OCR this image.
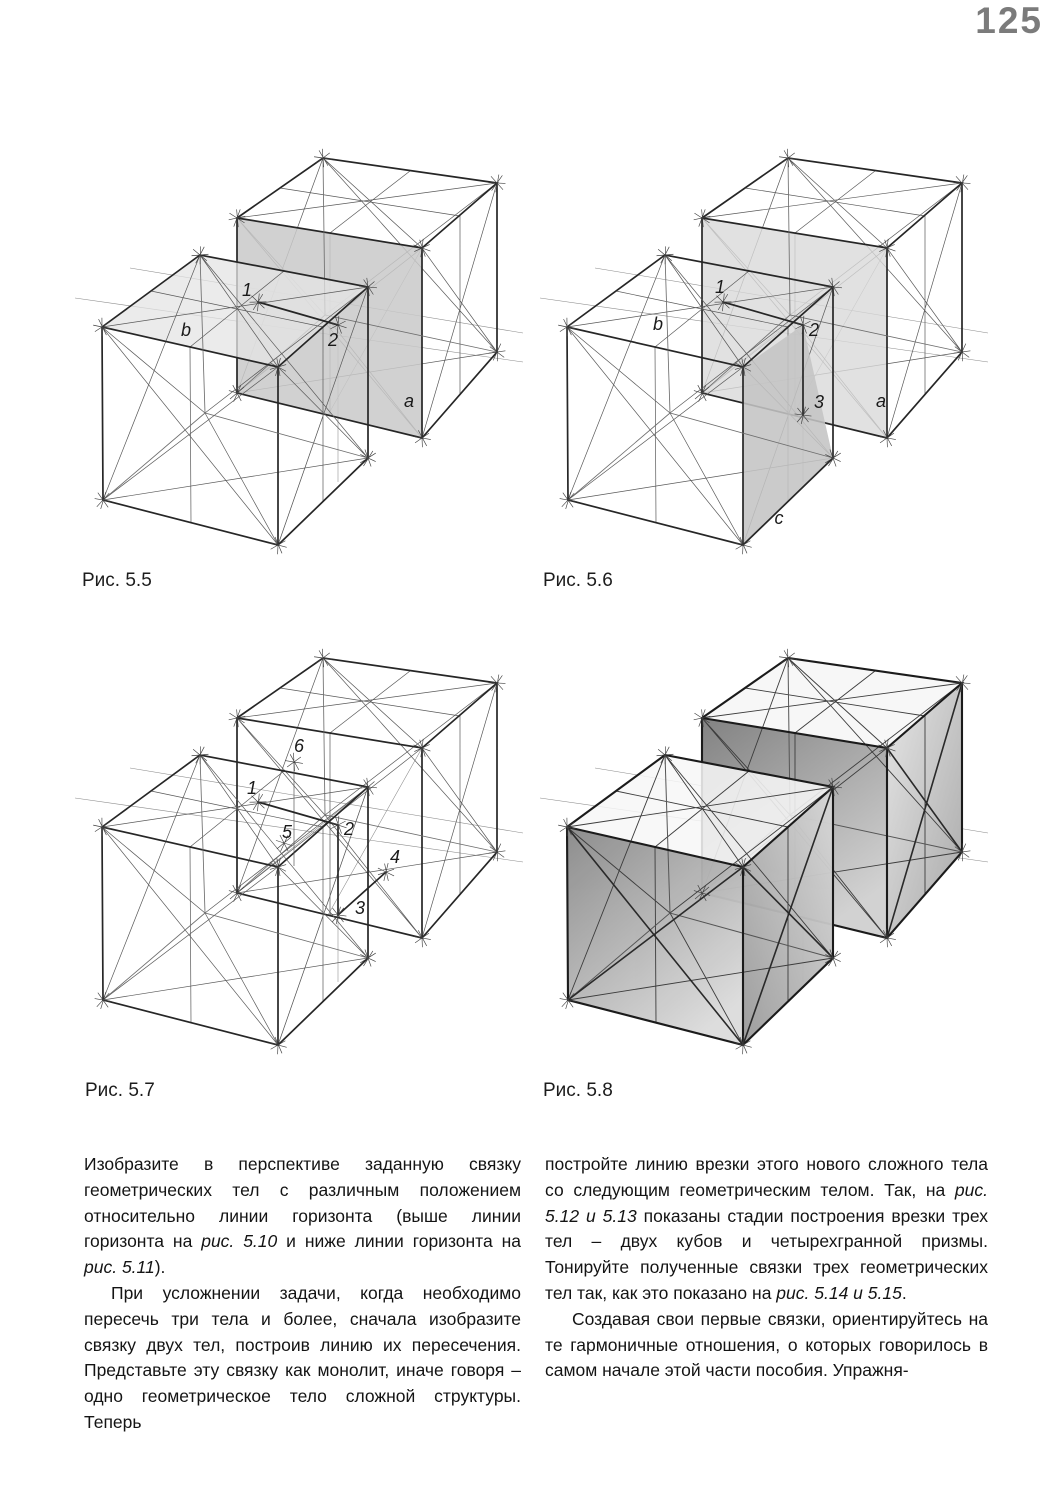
125
1
2
a
b
Рис. 5.5
1
2
3	a
b
c
Рис. 5.6
1
2
3
4
5
6
Рис. 5.7	Рис. 5.8

Изобразите в перспективе заданную связку геометрических тел с различным положением относительно линии горизонта (выше линии горизонта на рис. 5.10 и ниже линии горизонта на рис. 5.11).

При усложнении задачи, когда необходимо пересечь три тела и более, сначала изобразите связку двух тел, построив линию их пересечения. Представьте эту связку как монолит, иначе говоря – одно геометрическое тело сложной структуры. Теперь

постройте линию врезки этого нового сложного тела со следующим геометрическим телом. Так, на рис. 5.12 и 5.13 показаны стадии построения врезки трех тел – двух кубов и четырехгранной призмы. Тонируйте полученные связки трех геометрических тел так, как это показано на рис. 5.14 и 5.15.

Создавая свои первые связки, ориентируйтесь на те гармоничные отношения, о которых говорилось в самом начале этой части пособия. Упражня-
